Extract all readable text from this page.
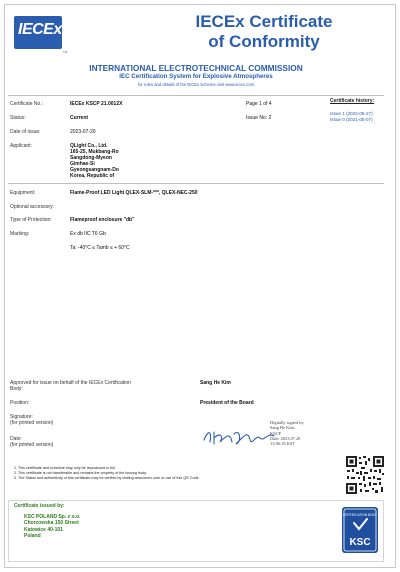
IECEx
TM
IECEx Certificate
of Conformity
INTERNATIONAL ELECTROTECHNICAL COMMISSION
IEC Certification System for Explosive Atmospheres
for rules and details of the IECEx Scheme visit www.iecex.com
Certificate No.:	IECEx KSCP 21.0012X	Page 1 of 4
Status:	Current	Issue No: 2
Certificate history:
Issue 1 (2022-05-27)
Issue 0 (2021-05-07)
Date of issue:	2023-07-20
Applicant:	QLight Co., Ltd.
165-25, Mukbang-Ro
Sangdong-Myeon
Gimhae-Si
Gyeongsangnam-Do
Korea, Republic of
Equipment:	Flame-Proof LED Light QLEX-SLM-***, QLEX-NEC-250
Optional accessory:
Type of Protection:	Flameproof enclosure "db"
Marking:	Ex db IIC T6 Gb
Ta: -40°C ≤ Tamb ≤ + 60°C
Approved for issue on behalf of the IECEx Certification Body:
Sang He Kim
Position:	President of the Board
Signature:
(for printed version)	Digitally signed by
Sang He Kim,
KSCP
Date: 2023.07.20
13:06:18 KST
Date:
(for printed version)
1. This certificate and schedule may only be reproduced in full.
2. This certificate is not transferable and remains the property of the issuing body.
3. The Status and authenticity of this certificate may be verified by visiting www.iecex.com or use of this QR Code.
Certificate issued by:
KSC POLAND Sp. z o.o.
Chorzowska 150 Street
Katowice 40-101
Poland
CERTIFICATION BODY
KSC
